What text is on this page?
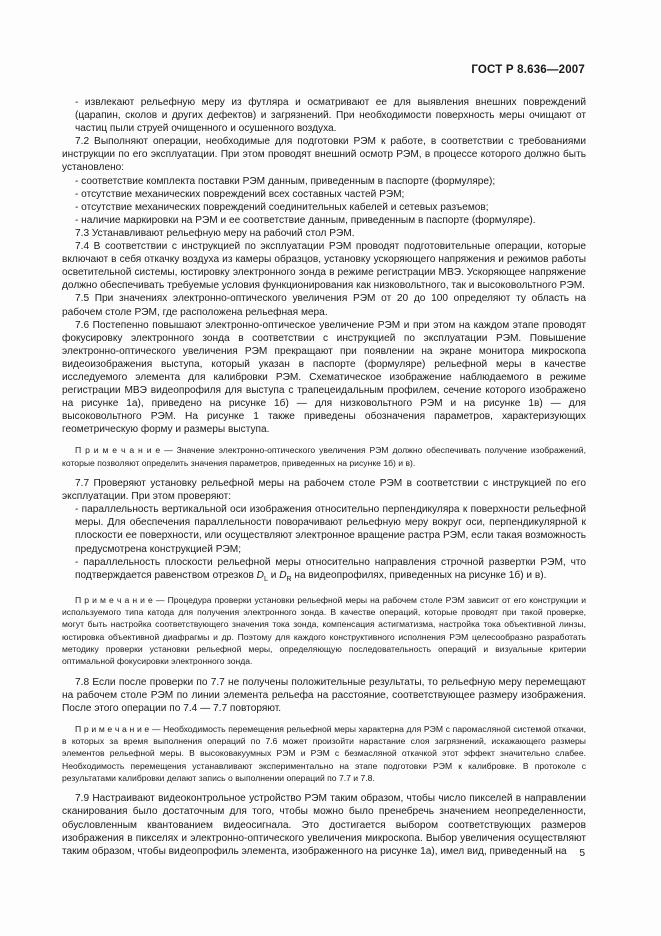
ГОСТ Р 8.636—2007

- извлекают рельефную меру из футляра и осматривают ее для выявления внешних повреждений (царапин, сколов и других дефектов) и загрязнений. При необходимости поверхность меры очищают от частиц пыли струей очищенного и осушенного воздуха.

7.2 Выполняют операции, необходимые для подготовки РЭМ к работе, в соответствии с требованиями инструкции по его эксплуатации. При этом проводят внешний осмотр РЭМ, в процессе которого должно быть установлено:

- соответствие комплекта поставки РЭМ данным, приведенным в паспорте (формуляре);

- отсутствие механических повреждений всех составных частей РЭМ;

- отсутствие механических повреждений соединительных кабелей и сетевых разъемов;

- наличие маркировки на РЭМ и ее соответствие данным, приведенным в паспорте (формуляре).

7.3 Устанавливают рельефную меру на рабочий стол РЭМ.

7.4 В соответствии с инструкцией по эксплуатации РЭМ проводят подготовительные операции, которые включают в себя откачку воздуха из камеры образцов, установку ускоряющего напряжения и режимов работы осветительной системы, юстировку электронного зонда в режиме регистрации МВЭ. Ускоряющее напряжение должно обеспечивать требуемые условия функционирования как низковольтного, так и высоковольтного РЭМ.

7.5 При значениях электронно-оптического увеличения РЭМ от 20 до 100 определяют ту область на рабочем столе РЭМ, где расположена рельефная мера.

7.6 Постепенно повышают электронно-оптическое увеличение РЭМ и при этом на каждом этапе проводят фокусировку электронного зонда в соответствии с инструкцией по эксплуатации РЭМ. Повышение электронно-оптического увеличения РЭМ прекращают при появлении на экране монитора микроскопа видеоизображения выступа, который указан в паспорте (формуляре) рельефной меры в качестве исследуемого элемента для калибровки РЭМ. Схематическое изображение наблюдаемого в режиме регистрации МВЭ видеопрофиля для выступа с трапецеидальным профилем, сечение которого изображено на рисунке 1а), приведено на рисунке 1б) — для низковольтного РЭМ и на рисунке 1в) — для высоковольтного РЭМ. На рисунке 1 также приведены обозначения параметров, характеризующих геометрическую форму и размеры выступа.

П р и м е ч а н и е — Значение электронно-оптического увеличения РЭМ должно обеспечивать получение изображений, которые позволяют определить значения параметров, приведенных на рисунке 1б) и в).

7.7 Проверяют установку рельефной меры на рабочем столе РЭМ в соответствии с инструкцией по его эксплуатации. При этом проверяют:

- параллельность вертикальной оси изображения относительно перпендикуляра к поверхности рельефной меры. Для обеспечения параллельности поворачивают рельефную меру вокруг оси, перпендикулярной к плоскости ее поверхности, или осуществляют электронное вращение растра РЭМ, если такая возможность предусмотрена конструкцией РЭМ;

- параллельность плоскости рельефной меры относительно направления строчной развертки РЭМ, что подтверждается равенством отрезков $D_L$ и $D_R$ на видеопрофилях, приведенных на рисунке 1б) и в).

П р и м е ч а н и е — Процедура проверки установки рельефной меры на рабочем столе РЭМ зависит от его конструкции и используемого типа катода для получения электронного зонда. В качестве операций, которые проводят при такой проверке, могут быть настройка соответствующего значения тока зонда, компенсация астигматизма, настройка тока объективной линзы, юстировка объективной диафрагмы и др. Поэтому для каждого конструктивного исполнения РЭМ целесообразно разработать методику проверки установки рельефной меры, определяющую последовательность операций и визуальные критерии оптимальной фокусировки электронного зонда.

7.8 Если после проверки по 7.7 не получены положительные результаты, то рельефную меру перемещают на рабочем столе РЭМ по линии элемента рельефа на расстояние, соответствующее размеру изображения. После этого операции по 7.4 — 7.7 повторяют.

П р и м е ч а н и е — Необходимость перемещения рельефной меры характерна для РЭМ с паромасляной системой откачки, в которых за время выполнения операций по 7.6 может произойти нарастание слоя загрязнений, искажающего размеры элементов рельефной меры. В высоковакуумных РЭМ и РЭМ с безмасляной откачкой этот эффект значительно слабее. Необходимость перемещения устанавливают экспериментально на этапе подготовки РЭМ к калибровке. В протоколе с результатами калибровки делают запись о выполнении операций по 7.7 и 7.8.

7.9 Настраивают видеоконтрольное устройство РЭМ таким образом, чтобы число пикселей в направлении сканирования было достаточным для того, чтобы можно было пренебречь значением неопределенности, обусловленным квантованием видеосигнала. Это достигается выбором соответствующих размеров изображения в пикселях и электронно-оптического увеличения микроскопа. Выбор увеличения осуществляют таким образом, чтобы видеопрофиль элемента, изображенного на рисунке 1а), имел вид, приведенный на	5
